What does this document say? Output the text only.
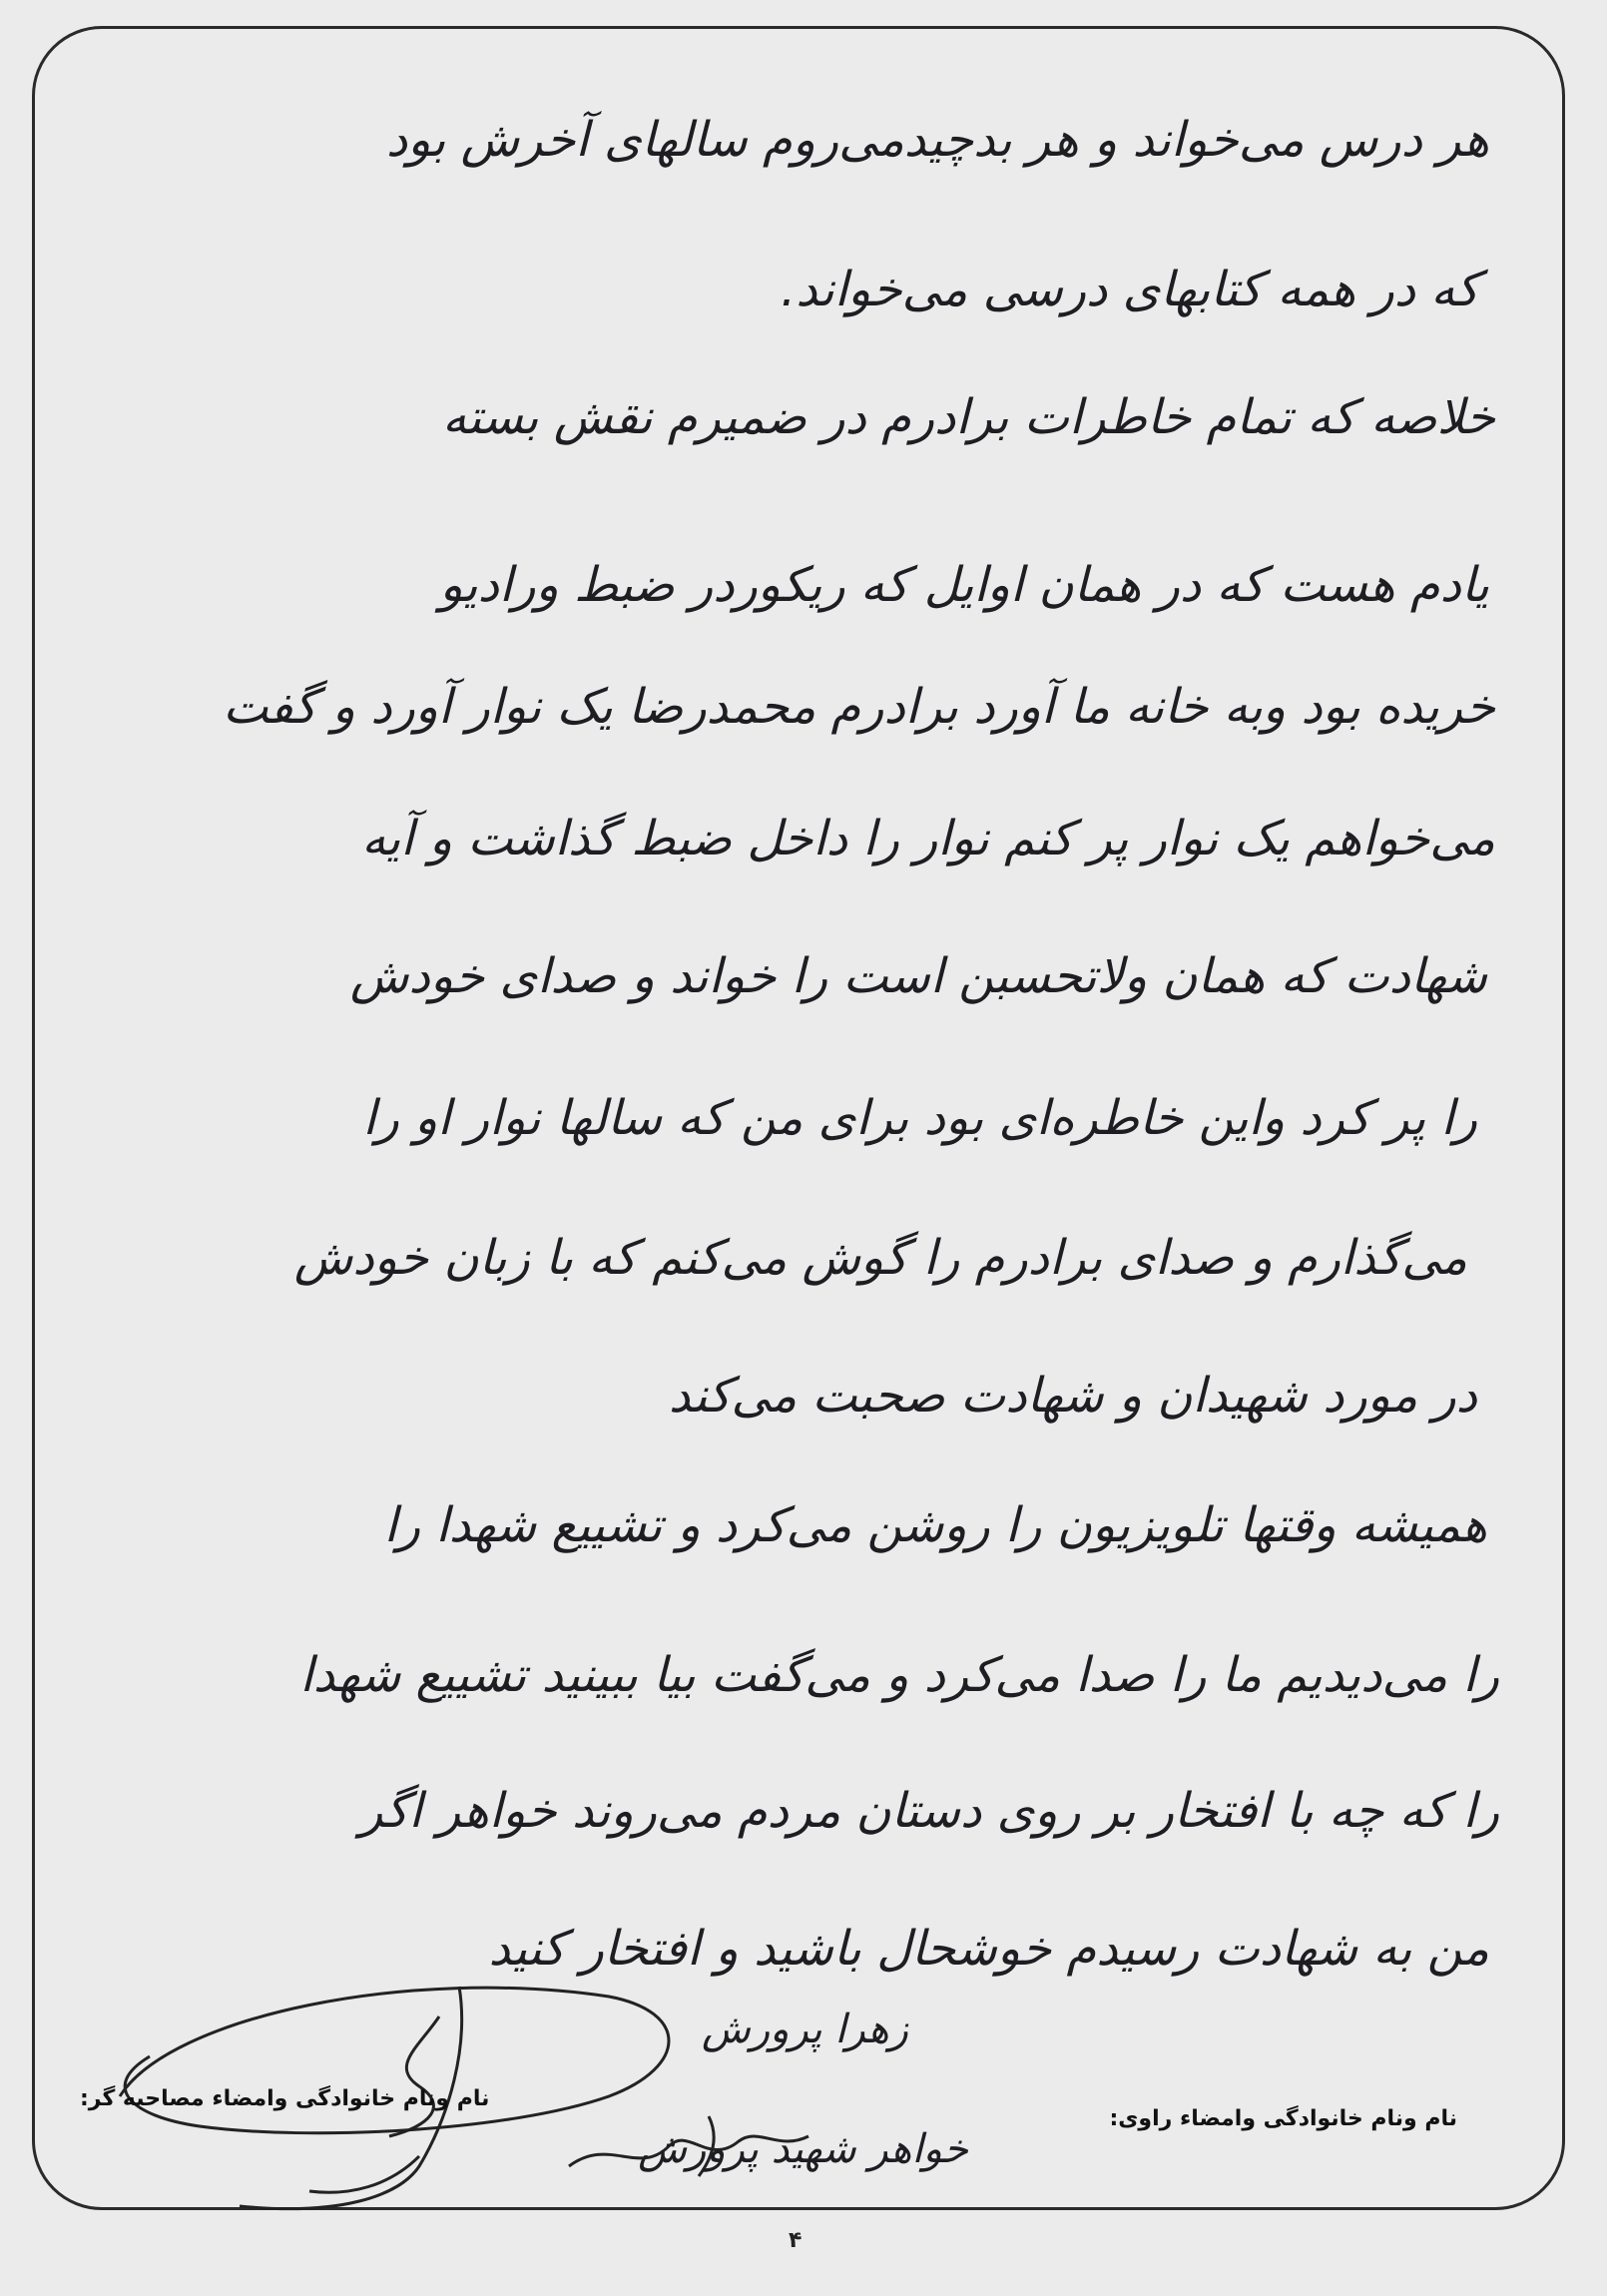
هر درس می‌خواند و هر بدچیدمی‌روم سالهای آخرش بود
که در همه کتابهای درسی می‌خواند.
خلاصه که تمام خاطرات برادرم در ضمیرم نقش بسته
یادم هست که در همان اوایل که ریکوردر ضبط ورادیو
خریده بود وبه خانه ما آورد برادرم محمدرضا یک نوار آورد و گفت
می‌خواهم یک نوار پر کنم نوار را داخل ضبط گذاشت و آیه
شهادت که همان ولاتحسبن است را خواند و صدای خودش
را پر کرد واین خاطره‌ای بود برای من که سالها نوار او را
می‌گذارم و صدای برادرم را گوش می‌کنم که با زبان خودش
در مورد شهیدان و شهادت صحبت می‌کند
همیشه وقتها تلویزیون را روشن می‌کرد و تشییع شهدا را
را می‌دیدیم ما را صدا می‌کرد و می‌گفت بیا ببینید تشییع شهدا
را که چه با افتخار بر روی دستان مردم می‌روند خواهر اگر
من به شهادت رسیدم خوشحال باشید و افتخار کنید
نام ونام خانوادگی وامضاء مصاحبه گر:
نام ونام خانوادگی وامضاء راوی:
زهرا پرورش
خواهر شهید پرورش
۴
